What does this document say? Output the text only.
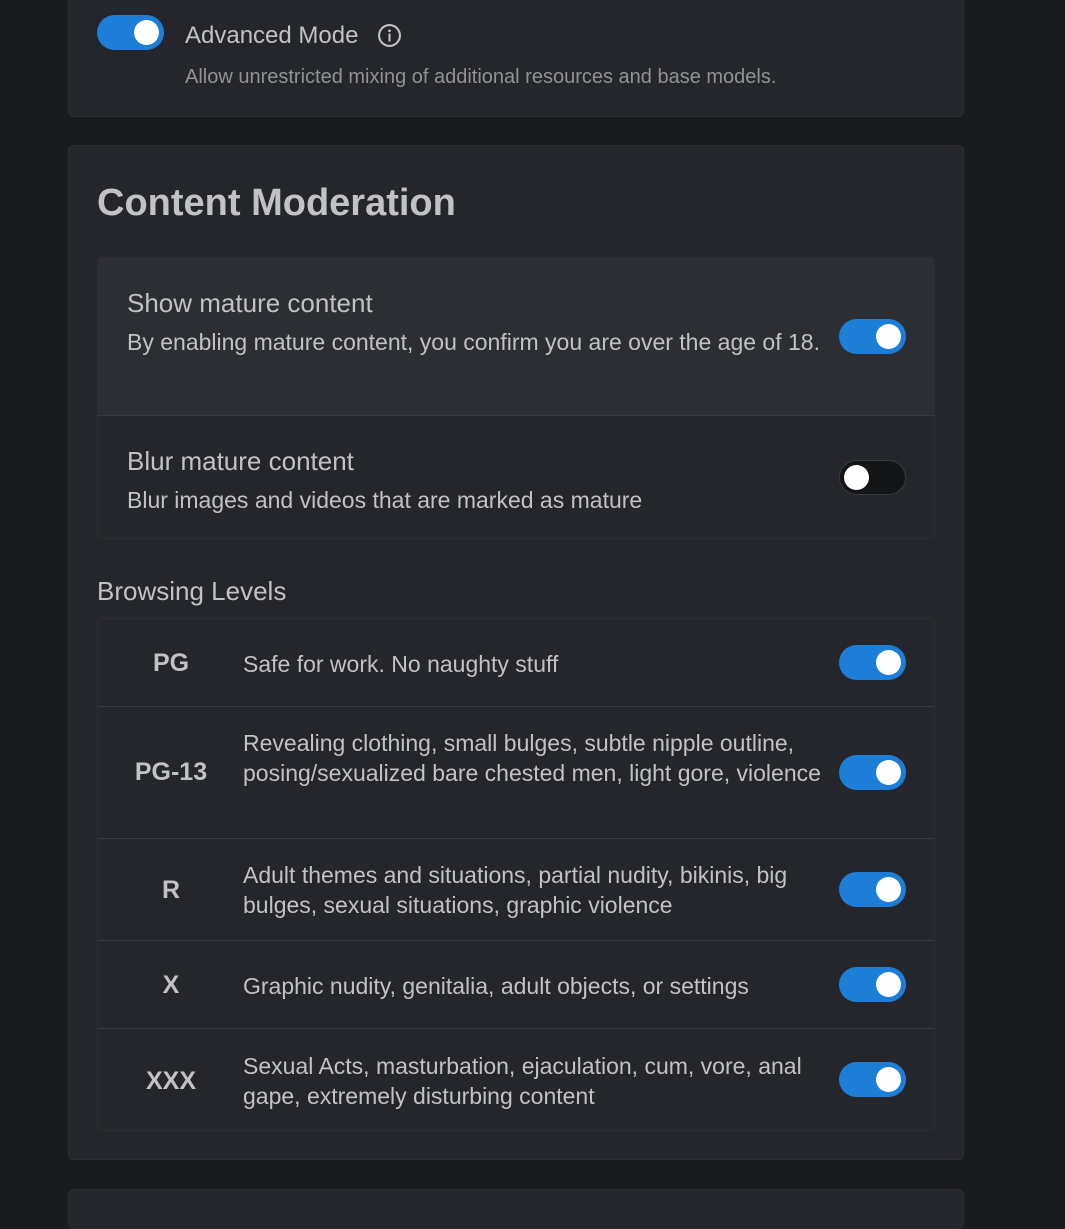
Advanced Mode
Allow unrestricted mixing of additional resources and base models.
Content Moderation
Show mature content
By enabling mature content, you confirm you are over the age of 18.
Blur mature content
Blur images and videos that are marked as mature
Browsing Levels
PG	Safe for work. No naughty stuff
PG-13
Revealing clothing, small bulges, subtle nipple outline, posing/sexualized bare chested men, light gore, violence
R
Adult themes and situations, partial nudity, bikinis, big bulges, sexual situations, graphic violence
X	Graphic nudity, genitalia, adult objects, or settings
XXX
Sexual Acts, masturbation, ejaculation, cum, vore, anal gape, extremely disturbing content
